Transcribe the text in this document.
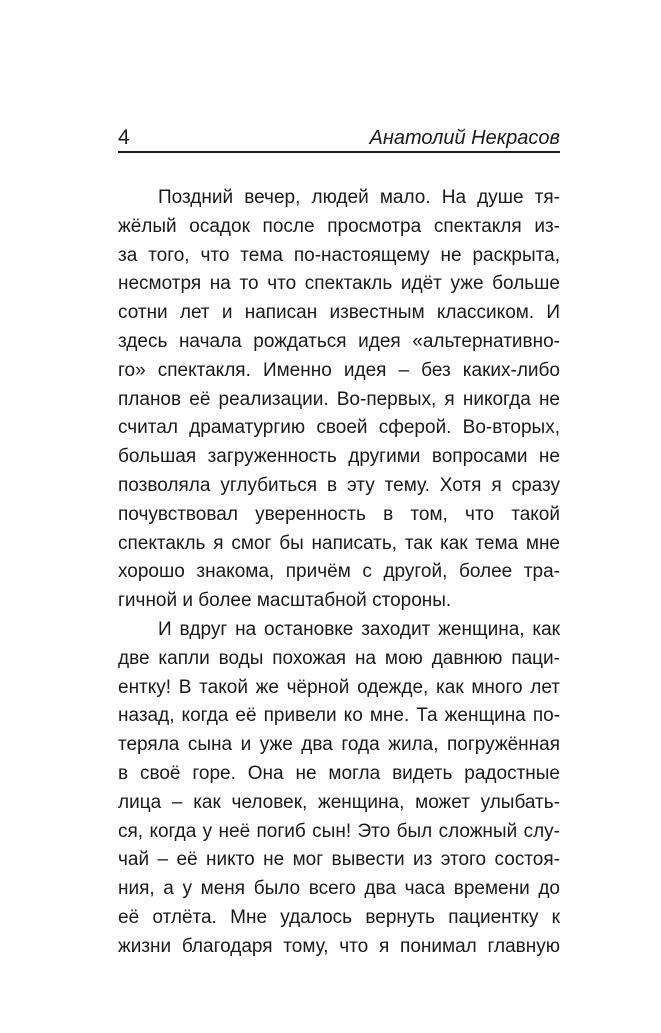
4	Анатолий Некрасов
Поздний вечер, людей мало. На душе тя-
жёлый осадок после просмотра спектакля из-
за того, что тема по-настоящему не раскрыта,
несмотря на то что спектакль идёт уже больше
сотни лет и написан известным классиком. И
здесь начала рождаться идея «альтернативно-
го» спектакля. Именно идея – без каких-либо
планов её реализации. Во-первых, я никогда не
считал драматургию своей сферой. Во-вторых,
большая загруженность другими вопросами не
позволяла углубиться в эту тему. Хотя я сразу
почувствовал уверенность в том, что такой
спектакль я смог бы написать, так как тема мне
хорошо знакома, причём с другой, более тра-
гичной и более масштабной стороны.
И вдруг на остановке заходит женщина, как
две капли воды похожая на мою давнюю паци-
ентку! В такой же чёрной одежде, как много лет
назад, когда её привели ко мне. Та женщина по-
теряла сына и уже два года жила, погружённая
в своё горе. Она не могла видеть радостные
лица – как человек, женщина, может улыбать-
ся, когда у неё погиб сын! Это был сложный слу-
чай – её никто не мог вывести из этого состоя-
ния, а у меня было всего два часа времени до
её отлёта. Мне удалось вернуть пациентку к
жизни благодаря тому, что я понимал главную
